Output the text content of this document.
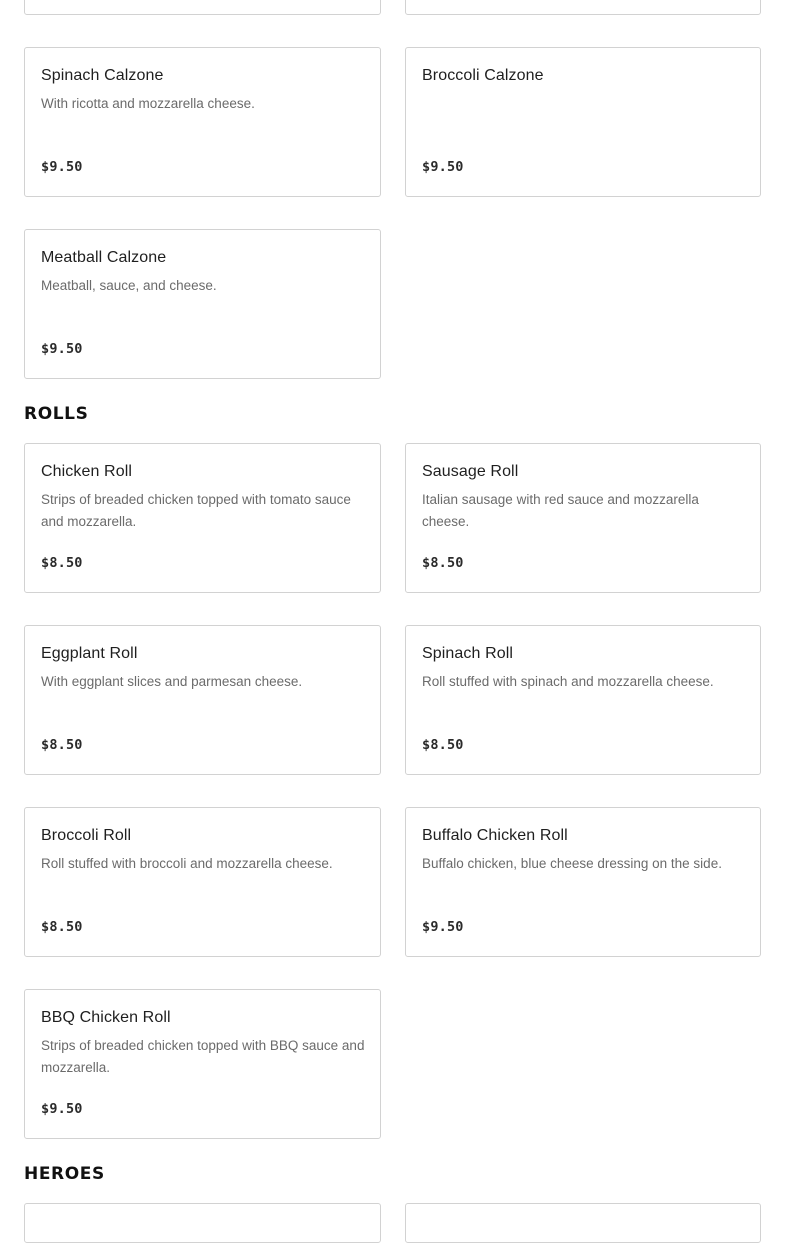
Spinach Calzone
With ricotta and mozzarella cheese.
$9.50
Broccoli Calzone
$9.50
Meatball Calzone
Meatball, sauce, and cheese.
$9.50
ROLLS
Chicken Roll
Strips of breaded chicken topped with tomato sauce and mozzarella.
$8.50
Sausage Roll
Italian sausage with red sauce and mozzarella cheese.
$8.50
Eggplant Roll
With eggplant slices and parmesan cheese.
$8.50
Spinach Roll
Roll stuffed with spinach and mozzarella cheese.
$8.50
Broccoli Roll
Roll stuffed with broccoli and mozzarella cheese.
$8.50
Buffalo Chicken Roll
Buffalo chicken, blue cheese dressing on the side.
$9.50
BBQ Chicken Roll
Strips of breaded chicken topped with BBQ sauce and mozzarella.
$9.50
HEROES
